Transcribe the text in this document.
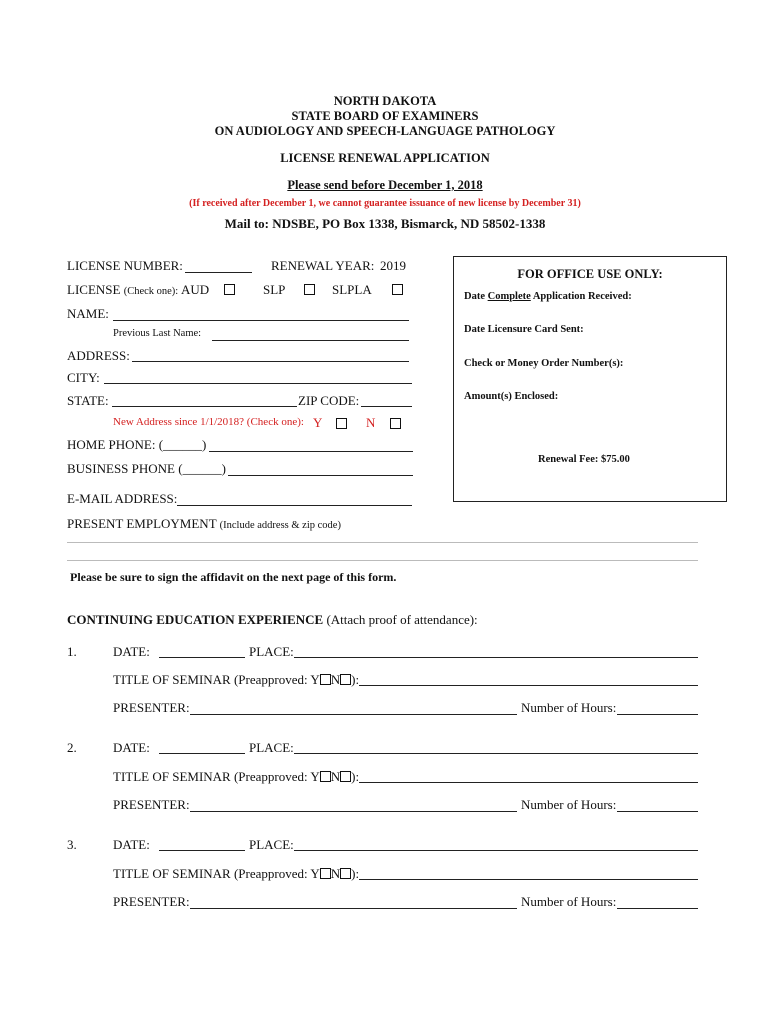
NORTH DAKOTA
STATE BOARD OF EXAMINERS
ON AUDIOLOGY AND SPEECH-LANGUAGE PATHOLOGY
LICENSE RENEWAL APPLICATION
Please send before December 1, 2018
(If received after December 1, we cannot guarantee issuance of new license by December 31)
Mail to: NDSBE, PO Box 1338, Bismarck, ND 58502-1338
LICENSE NUMBER:	RENEWAL YEAR: 2019
LICENSE (Check one): AUD	SLP	SLPLA
NAME:
Previous Last Name:
ADDRESS:
CITY:
STATE:	ZIP CODE:
New Address since 1/1/2018? (Check one): Y	N
HOME PHONE: (______)
BUSINESS PHONE (______)
E-MAIL ADDRESS:
PRESENT EMPLOYMENT (Include address & zip code)
FOR OFFICE USE ONLY:
Date Complete Application Received:
Date Licensure Card Sent:
Check or Money Order Number(s):
Amount(s) Enclosed:
Renewal Fee: $75.00
Please be sure to sign the affidavit on the next page of this form.
CONTINUING EDUCATION EXPERIENCE (Attach proof of attendance):
1.	DATE:	PLACE:
TITLE OF SEMINAR (Preapproved: Y N ):
PRESENTER:	Number of Hours:
2.	DATE:	PLACE:
TITLE OF SEMINAR (Preapproved: Y N ):
PRESENTER:	Number of Hours:
3.	DATE:	PLACE:
TITLE OF SEMINAR (Preapproved: Y N ):
PRESENTER:	Number of Hours:
